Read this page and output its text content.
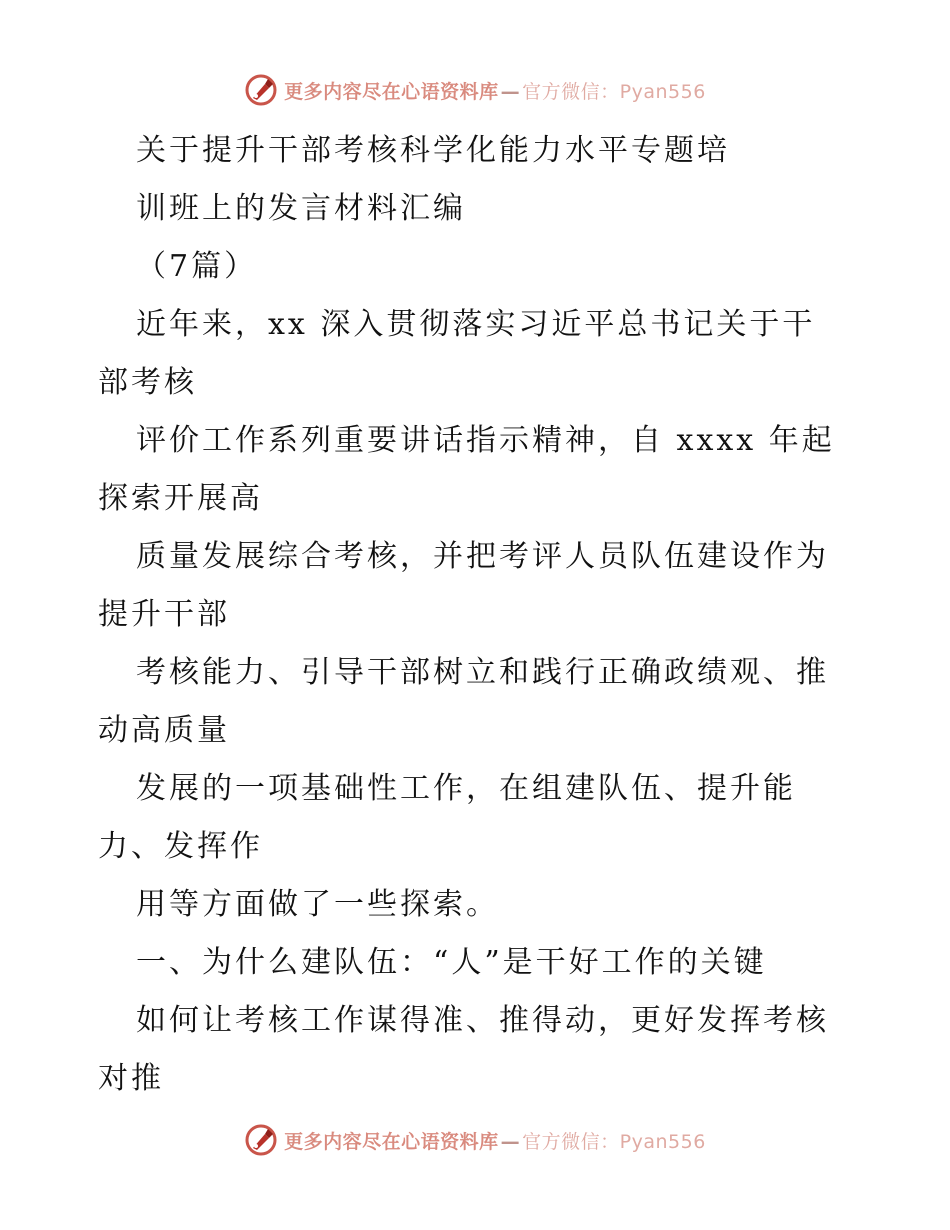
更多内容尽在心语资料库 — 官方微信：Pyan556
关于提升干部考核科学化能力水平专题培
训班上的发言材料汇编
（7篇）
近年来，xx 深入贯彻落实习近平总书记关于干
部考核
评价工作系列重要讲话指示精神，自 xxxx 年起
探索开展高
质量发展综合考核，并把考评人员队伍建设作为
提升干部
考核能力、引导干部树立和践行正确政绩观、推
动高质量
发展的一项基础性工作，在组建队伍、提升能
力、发挥作
用等方面做了一些探索。
一、为什么建队伍：“人”是干好工作的关键
如何让考核工作谋得准、推得动，更好发挥考核
对推
更多内容尽在心语资料库 — 官方微信：Pyan556
